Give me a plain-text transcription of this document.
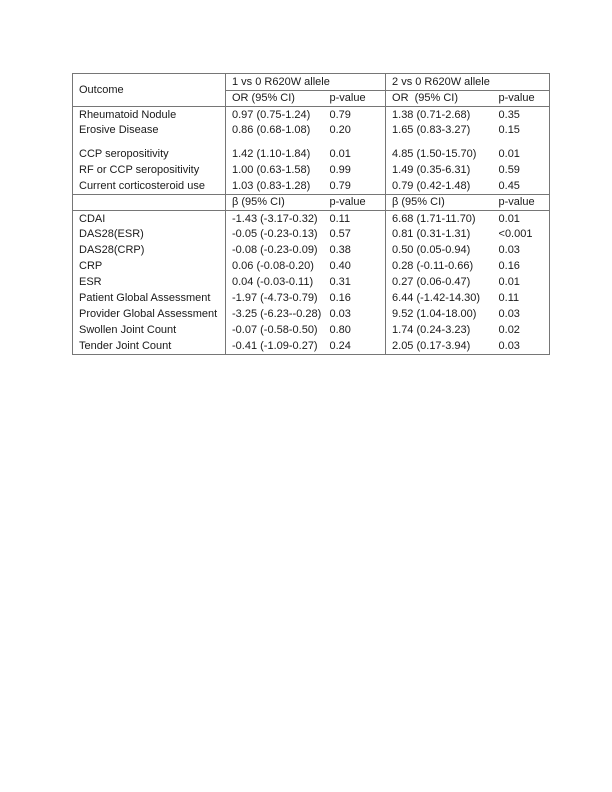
Outcome	1 vs 0 R620W allele		2 vs 0 R620W allele	
	OR (95% CI)	p-value	OR  (95% CI)	p-value
Rheumatoid Nodule	0.97 (0.75-1.24)	0.79	1.38 (0.71-2.68)	0.35
Erosive Disease	0.86 (0.68-1.08)	0.20	1.65 (0.83-3.27)	0.15
CCP seropositivity	1.42 (1.10-1.84)	0.01	4.85 (1.50-15.70)	0.01
RF or CCP seropositivity	1.00 (0.63-1.58)	0.99	1.49 (0.35-6.31)	0.59
Current corticosteroid use	1.03 (0.83-1.28)	0.79	0.79 (0.42-1.48)	0.45
	β (95% CI)	p-value	β (95% CI)	p-value
CDAI	-1.43 (-3.17-0.32)	0.11	6.68 (1.71-11.70)	0.01
DAS28(ESR)	-0.05 (-0.23-0.13)	0.57	0.81 (0.31-1.31)	<0.001
DAS28(CRP)	-0.08 (-0.23-0.09)	0.38	0.50 (0.05-0.94)	0.03
CRP	0.06 (-0.08-0.20)	0.40	0.28 (-0.11-0.66)	0.16
ESR	0.04 (-0.03-0.11)	0.31	0.27 (0.06-0.47)	0.01
Patient Global Assessment	-1.97 (-4.73-0.79)	0.16	6.44 (-1.42-14.30)	0.11
Provider Global Assessment	-3.25 (-6.23--0.28)	0.03	9.52 (1.04-18.00)	0.03
Swollen Joint Count	-0.07 (-0.58-0.50)	0.80	1.74 (0.24-3.23)	0.02
Tender Joint Count	-0.41 (-1.09-0.27)	0.24	2.05 (0.17-3.94)	0.03
